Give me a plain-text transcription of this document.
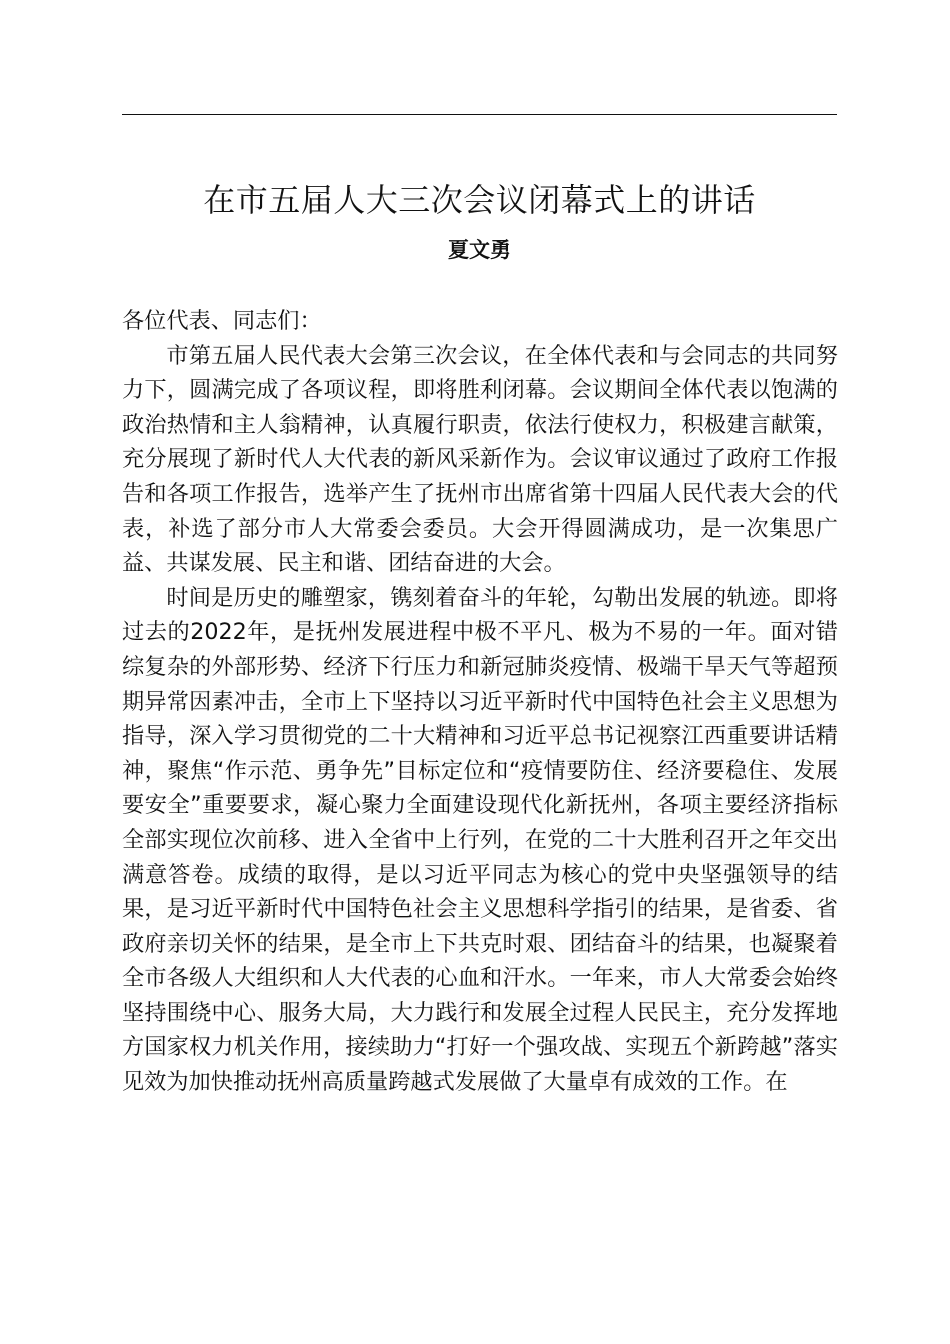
在市五届人大三次会议闭幕式上的讲话
夏文勇

各位代表、同志们：

市第五届人民代表大会第三次会议，在全体代表和与会同志的共同努力下，圆满完成了各项议程，即将胜利闭幕。会议期间全体代表以饱满的政治热情和主人翁精神，认真履行职责，依法行使权力，积极建言献策，充分展现了新时代人大代表的新风采新作为。会议审议通过了政府工作报告和各项工作报告，选举产生了抚州市出席省第十四届人民代表大会的代表，补选了部分市人大常委会委员。大会开得圆满成功，是一次集思广益、共谋发展、民主和谐、团结奋进的大会。

时间是历史的雕塑家，镌刻着奋斗的年轮，勾勒出发展的轨迹。即将过去的2022年，是抚州发展进程中极不平凡、极为不易的一年。面对错综复杂的外部形势、经济下行压力和新冠肺炎疫情、极端干旱天气等超预期异常因素冲击，全市上下坚持以习近平新时代中国特色社会主义思想为指导，深入学习贯彻党的二十大精神和习近平总书记视察江西重要讲话精神，聚焦“作示范、勇争先”目标定位和“疫情要防住、经济要稳住、发展要安全”重要要求，凝心聚力全面建设现代化新抚州，各项主要经济指标全部实现位次前移、进入全省中上行列，在党的二十大胜利召开之年交出满意答卷。成绩的取得，是以习近平同志为核心的党中央坚强领导的结果，是习近平新时代中国特色社会主义思想科学指引的结果，是省委、省政府亲切关怀的结果，是全市上下共克时艰、团结奋斗的结果，也凝聚着全市各级人大组织和人大代表的心血和汗水。一年来，市人大常委会始终坚持围绕中心、服务大局，大力践行和发展全过程人民民主，充分发挥地方国家权力机关作用，接续助力“打好一个强攻战、实现五个新跨越”落实见效为加快推动抚州高质量跨越式发展做了大量卓有成效的工作。在
